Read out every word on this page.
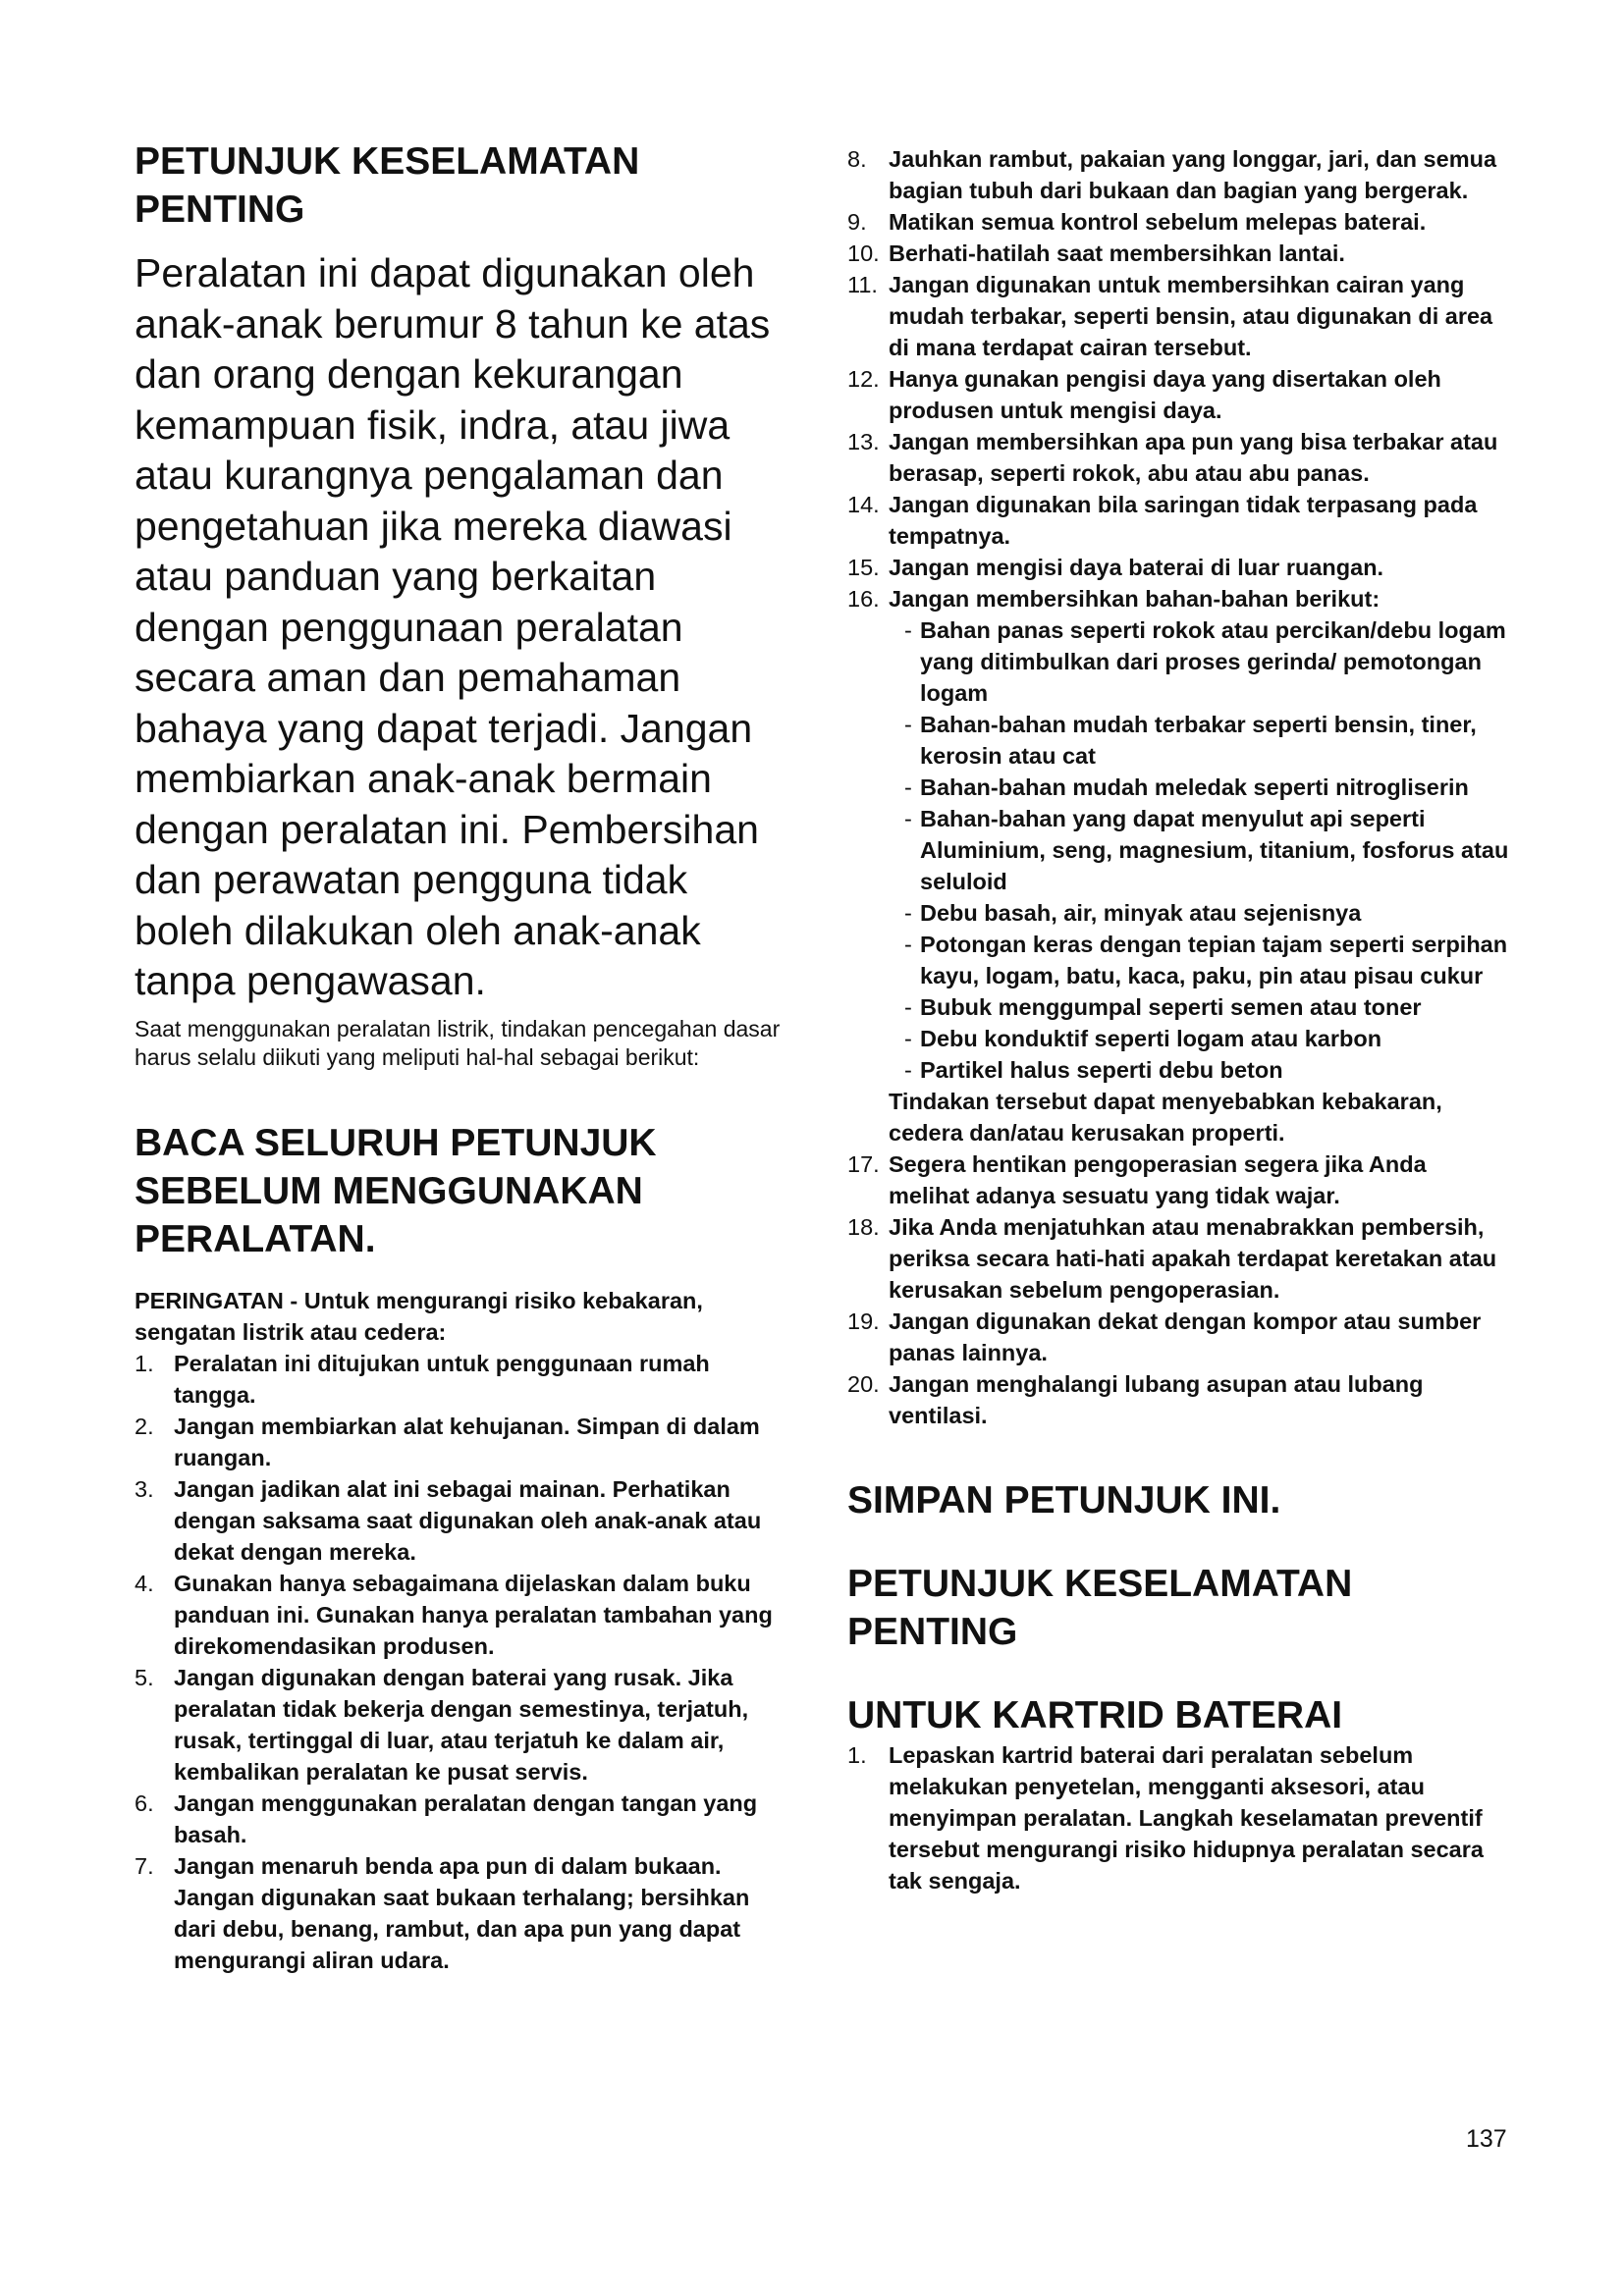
PETUNJUK KESELAMATAN PENTING

Peralatan ini dapat digunakan oleh anak-anak berumur 8 tahun ke atas dan orang dengan kekurangan kemampuan fisik, indra, atau jiwa atau kurangnya pengalaman dan pengetahuan jika mereka diawasi atau panduan yang berkaitan dengan penggunaan peralatan secara aman dan pemahaman bahaya yang dapat terjadi. Jangan membiarkan anak-anak bermain dengan peralatan ini. Pembersihan dan perawatan pengguna tidak boleh dilakukan oleh anak-anak tanpa pengawasan.

Saat menggunakan peralatan listrik, tindakan pencegahan dasar harus selalu diikuti yang meliputi hal-hal sebagai berikut:

BACA SELURUH PETUNJUK SEBELUM MENGGUNAKAN PERALATAN.

PERINGATAN - Untuk mengurangi risiko kebakaran, sengatan listrik atau cedera:

1. Peralatan ini ditujukan untuk penggunaan rumah tangga.
2. Jangan membiarkan alat kehujanan. Simpan di dalam ruangan.
3. Jangan jadikan alat ini sebagai mainan. Perhatikan dengan saksama saat digunakan oleh anak-anak atau dekat dengan mereka.
4. Gunakan hanya sebagaimana dijelaskan dalam buku panduan ini. Gunakan hanya peralatan tambahan yang direkomendasikan produsen.
5. Jangan digunakan dengan baterai yang rusak. Jika peralatan tidak bekerja dengan semestinya, terjatuh, rusak, tertinggal di luar, atau terjatuh ke dalam air, kembalikan peralatan ke pusat servis.
6. Jangan menggunakan peralatan dengan tangan yang basah.
7. Jangan menaruh benda apa pun di dalam bukaan. Jangan digunakan saat bukaan terhalang; bersihkan dari debu, benang, rambut, dan apa pun yang dapat mengurangi aliran udara.
8. Jauhkan rambut, pakaian yang longgar, jari, dan semua bagian tubuh dari bukaan dan bagian yang bergerak.
9. Matikan semua kontrol sebelum melepas baterai.
10. Berhati-hatilah saat membersihkan lantai.
11. Jangan digunakan untuk membersihkan cairan yang mudah terbakar, seperti bensin, atau digunakan di area di mana terdapat cairan tersebut.
12. Hanya gunakan pengisi daya yang disertakan oleh produsen untuk mengisi daya.
13. Jangan membersihkan apa pun yang bisa terbakar atau berasap, seperti rokok, abu atau abu panas.
14. Jangan digunakan bila saringan tidak terpasang pada tempatnya.
15. Jangan mengisi daya baterai di luar ruangan.
16. Jangan membersihkan bahan-bahan berikut:
- Bahan panas seperti rokok atau percikan/debu logam yang ditimbulkan dari proses gerinda/ pemotongan logam
- Bahan-bahan mudah terbakar seperti bensin, tiner, kerosin atau cat
- Bahan-bahan mudah meledak seperti nitrogliserin
- Bahan-bahan yang dapat menyulut api seperti Aluminium, seng, magnesium, titanium, fosforus atau seluloid
- Debu basah, air, minyak atau sejenisnya
- Potongan keras dengan tepian tajam seperti serpihan kayu, logam, batu, kaca, paku, pin atau pisau cukur
- Bubuk menggumpal seperti semen atau toner
- Debu konduktif seperti logam atau karbon
- Partikel halus seperti debu beton

Tindakan tersebut dapat menyebabkan kebakaran, cedera dan/atau kerusakan properti.

17. Segera hentikan pengoperasian segera jika Anda melihat adanya sesuatu yang tidak wajar.
18. Jika Anda menjatuhkan atau menabrakkan pembersih, periksa secara hati-hati apakah terdapat keretakan atau kerusakan sebelum pengoperasian.
19. Jangan digunakan dekat dengan kompor atau sumber panas lainnya.
20. Jangan menghalangi lubang asupan atau lubang ventilasi.
SIMPAN PETUNJUK INI.
PETUNJUK KESELAMATAN PENTING
UNTUK KARTRID BATERAI
1. Lepaskan kartrid baterai dari peralatan sebelum melakukan penyetelan, mengganti aksesori, atau menyimpan peralatan. Langkah keselamatan preventif tersebut mengurangi risiko hidupnya peralatan secara tak sengaja.
137
